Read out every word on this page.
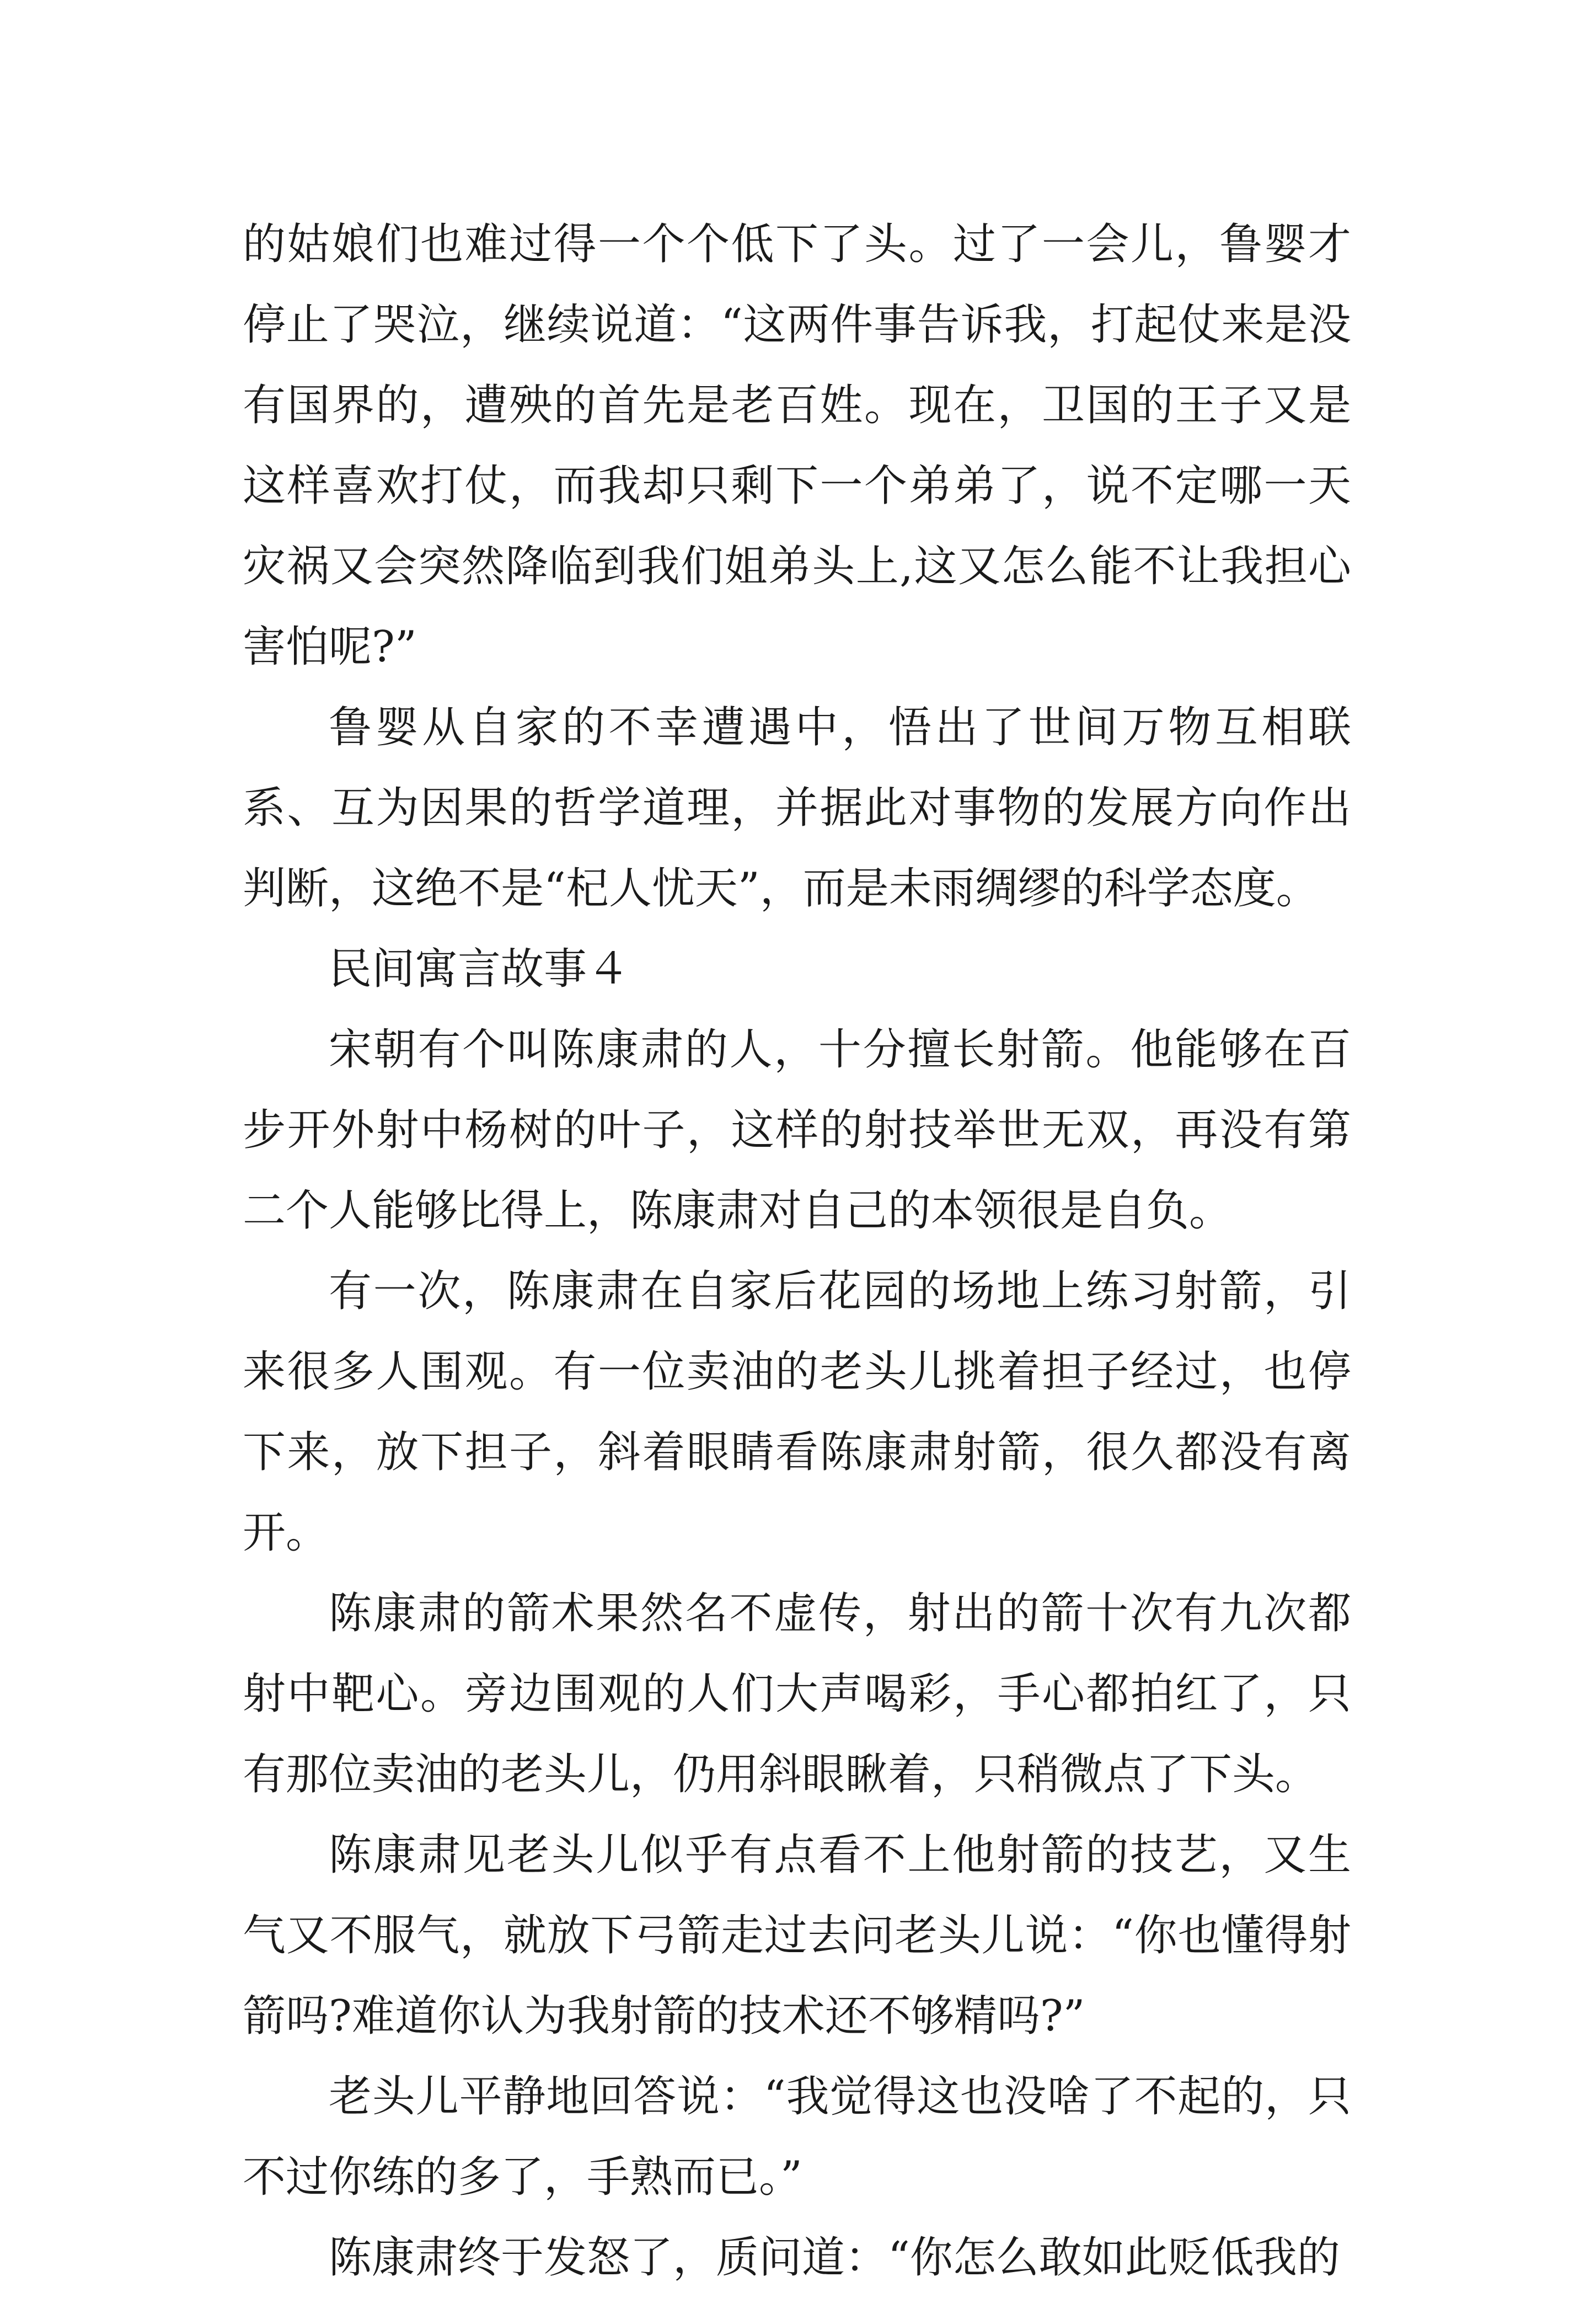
的姑娘们也难过得一个个低下了头。过了一会儿，鲁婴才停止了哭泣，继续说道：“这两件事告诉我，打起仗来是没有国界的，遭殃的首先是老百姓。现在，卫国的王子又是这样喜欢打仗，而我却只剩下一个弟弟了，说不定哪一天灾祸又会突然降临到我们姐弟头上,这又怎么能不让我担心害怕呢?”

鲁婴从自家的不幸遭遇中，悟出了世间万物互相联系、互为因果的哲学道理，并据此对事物的发展方向作出判断，这绝不是“杞人忧天”，而是未雨绸缪的科学态度。

民间寓言故事４

宋朝有个叫陈康肃的人，十分擅长射箭。他能够在百步开外射中杨树的叶子，这样的射技举世无双，再没有第二个人能够比得上，陈康肃对自己的本领很是自负。

有一次，陈康肃在自家后花园的场地上练习射箭，引来很多人围观。有一位卖油的老头儿挑着担子经过，也停下来，放下担子，斜着眼睛看陈康肃射箭，很久都没有离开。

陈康肃的箭术果然名不虚传，射出的箭十次有九次都射中靶心。旁边围观的人们大声喝彩，手心都拍红了，只有那位卖油的老头儿，仍用斜眼瞅着，只稍微点了下头。

陈康肃见老头儿似乎有点看不上他射箭的技艺，又生气又不服气，就放下弓箭走过去问老头儿说：“你也懂得射箭吗?难道你认为我射箭的技术还不够精吗?”

老头儿平静地回答说：“我觉得这也没啥了不起的，只不过你练的多了，手熟而已。”

陈康肃终于发怒了，质问道：“你怎么敢如此贬低我的
